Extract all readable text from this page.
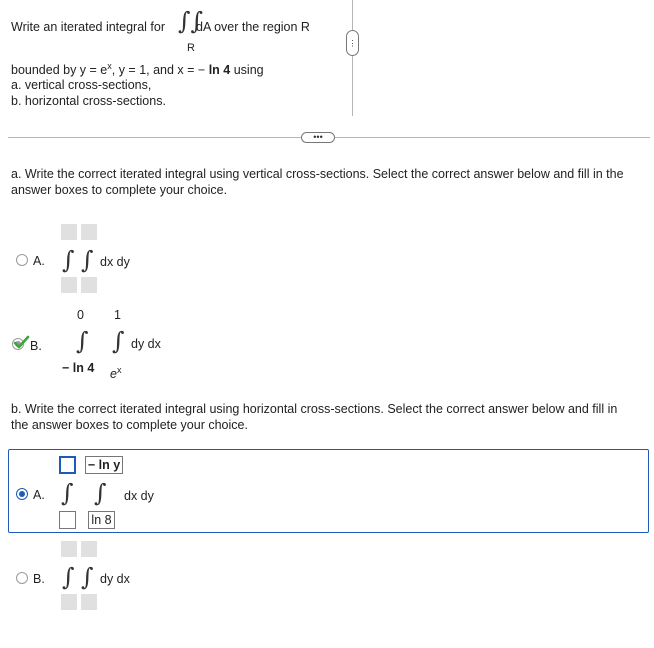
Write an iterated integral for ∫∫
dA over the region R
R
bounded by $y = e^x$, y = 1, and x = − ln 4 using
a. vertical cross-sections,
b. horizontal cross-sections.
⋮
•••
a. Write the correct iterated integral using vertical cross-sections. Select the correct answer below and fill in the
answer boxes to complete your choice.
A. ∫ ∫ dx dy
B.
0 1
∫ ∫ dy dx
− ln 4 $e^x$
b. Write the correct iterated integral using horizontal cross-sections. Select the correct answer below and fill in
the answer boxes to complete your choice.
A.
− ln y
∫ ∫ dx dy
ln 8
B. ∫ ∫ dy dx
